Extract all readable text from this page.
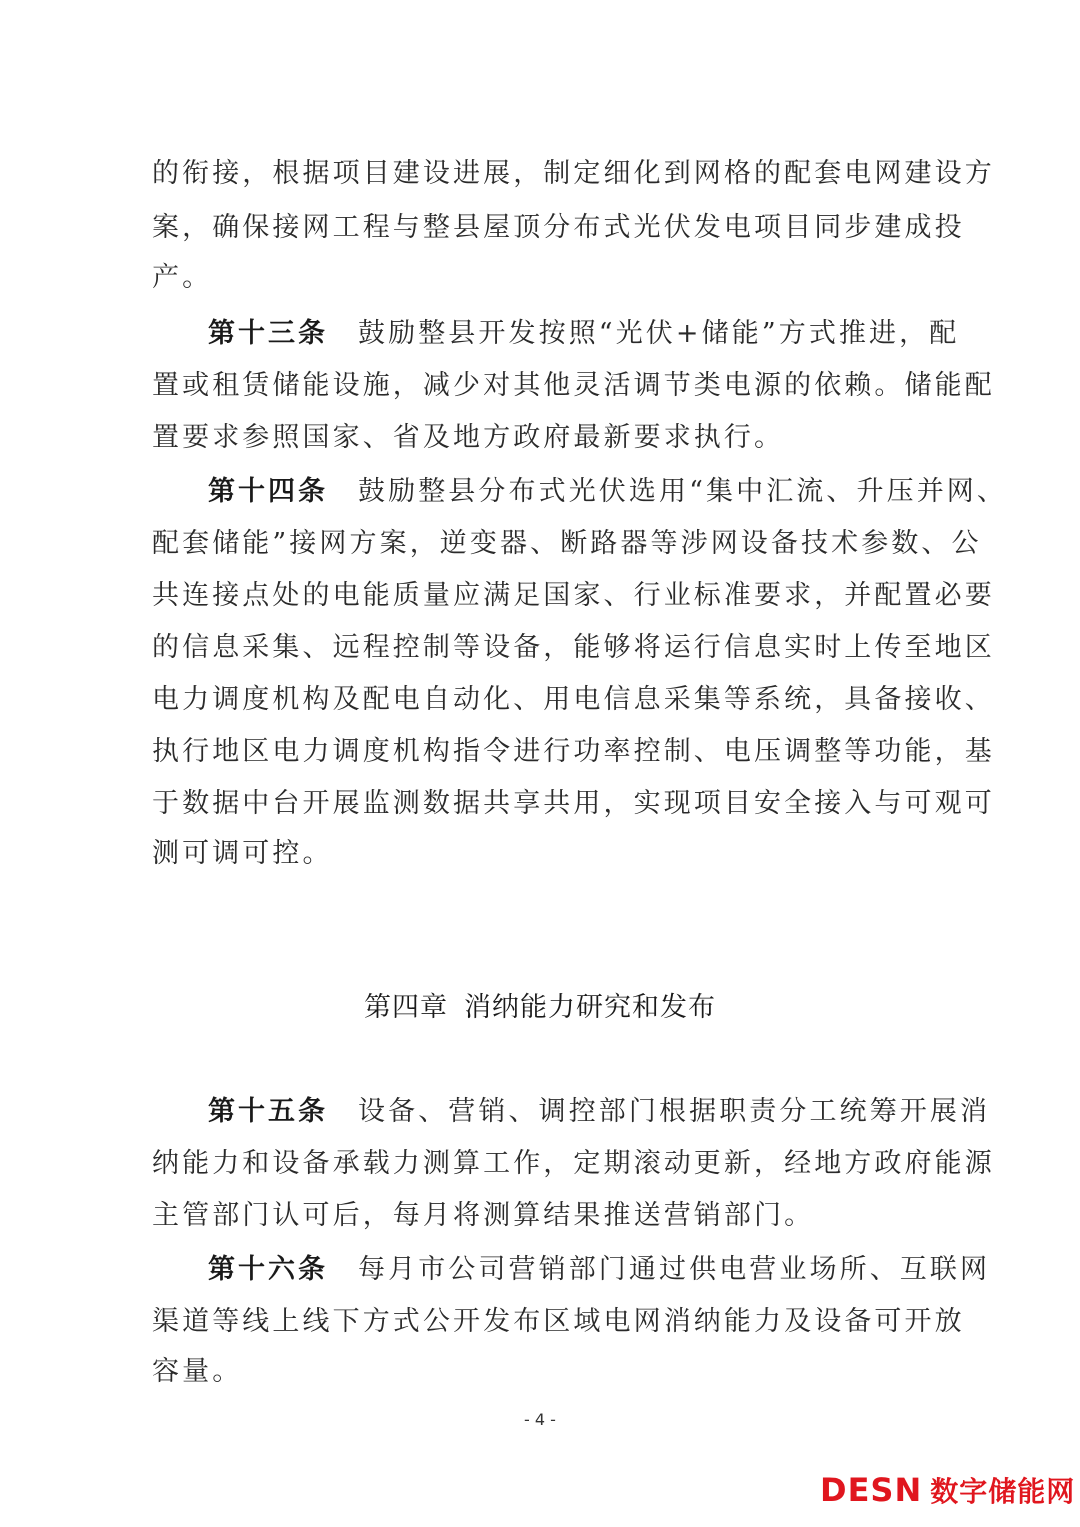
的衔接，根据项目建设进展，制定细化到网格的配套电网建设方
案，确保接网工程与整县屋顶分布式光伏发电项目同步建成投
产。
第十三条 鼓励整县开发按照“光伏+储能”方式推进，配
置或租赁储能设施，减少对其他灵活调节类电源的依赖。储能配
置要求参照国家、省及地方政府最新要求执行。
第十四条 鼓励整县分布式光伏选用“集中汇流、升压并网、
配套储能”接网方案，逆变器、断路器等涉网设备技术参数、公
共连接点处的电能质量应满足国家、行业标准要求，并配置必要
的信息采集、远程控制等设备，能够将运行信息实时上传至地区
电力调度机构及配电自动化、用电信息采集等系统，具备接收、
执行地区电力调度机构指令进行功率控制、电压调整等功能，基
于数据中台开展监测数据共享共用，实现项目安全接入与可观可
测可调可控。
第四章 消纳能力研究和发布
第十五条 设备、营销、调控部门根据职责分工统筹开展消
纳能力和设备承载力测算工作，定期滚动更新，经地方政府能源
主管部门认可后，每月将测算结果推送营销部门。
第十六条 每月市公司营销部门通过供电营业场所、互联网
渠道等线上线下方式公开发布区域电网消纳能力及设备可开放
容量。
- 4 -
DESN 数字储能网
